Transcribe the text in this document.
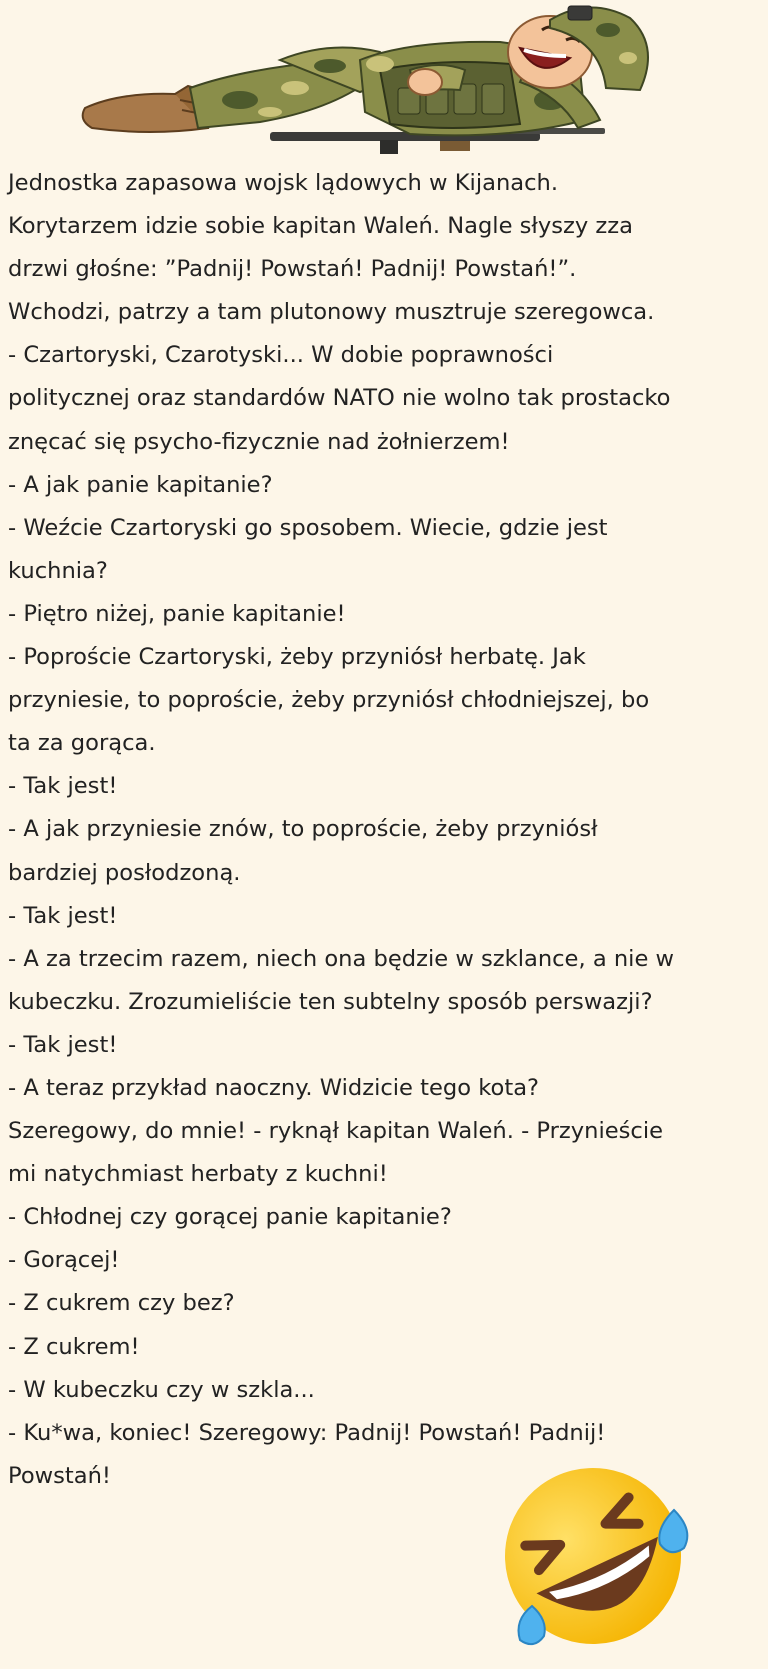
Jednostka zapasowa wojsk lądowych w Kijanach.

Korytarzem idzie sobie kapitan Waleń. Nagle słyszy zza

drzwi głośne: ”Padnij! Powstań! Padnij! Powstań!”.

Wchodzi, patrzy a tam plutonowy musztruje szeregowca.

- Czartoryski, Czarotyski... W dobie poprawności

politycznej oraz standardów NATO nie wolno tak prostacko

znęcać się psycho-fizycznie nad żołnierzem!

- A jak panie kapitanie?

- Weźcie Czartoryski go sposobem. Wiecie, gdzie jest

kuchnia?

- Piętro niżej, panie kapitanie!

- Poproście Czartoryski, żeby przyniósł herbatę. Jak

przyniesie, to poproście, żeby przyniósł chłodniejszej, bo

ta za gorąca.

- Tak jest!

- A jak przyniesie znów, to poproście, żeby przyniósł

bardziej posłodzoną.

- Tak jest!

- A za trzecim razem, niech ona będzie w szklance, a nie w

kubeczku. Zrozumieliście ten subtelny sposób perswazji?

- Tak jest!

- A teraz przykład naoczny. Widzicie tego kota?

Szeregowy, do mnie! - ryknął kapitan Waleń. - Przynieście

mi natychmiast herbaty z kuchni!

- Chłodnej czy gorącej panie kapitanie?

- Gorącej!

- Z cukrem czy bez?

- Z cukrem!

- W kubeczku czy w szkla...

- Ku*wa, koniec! Szeregowy: Padnij! Powstań! Padnij!

Powstań!
